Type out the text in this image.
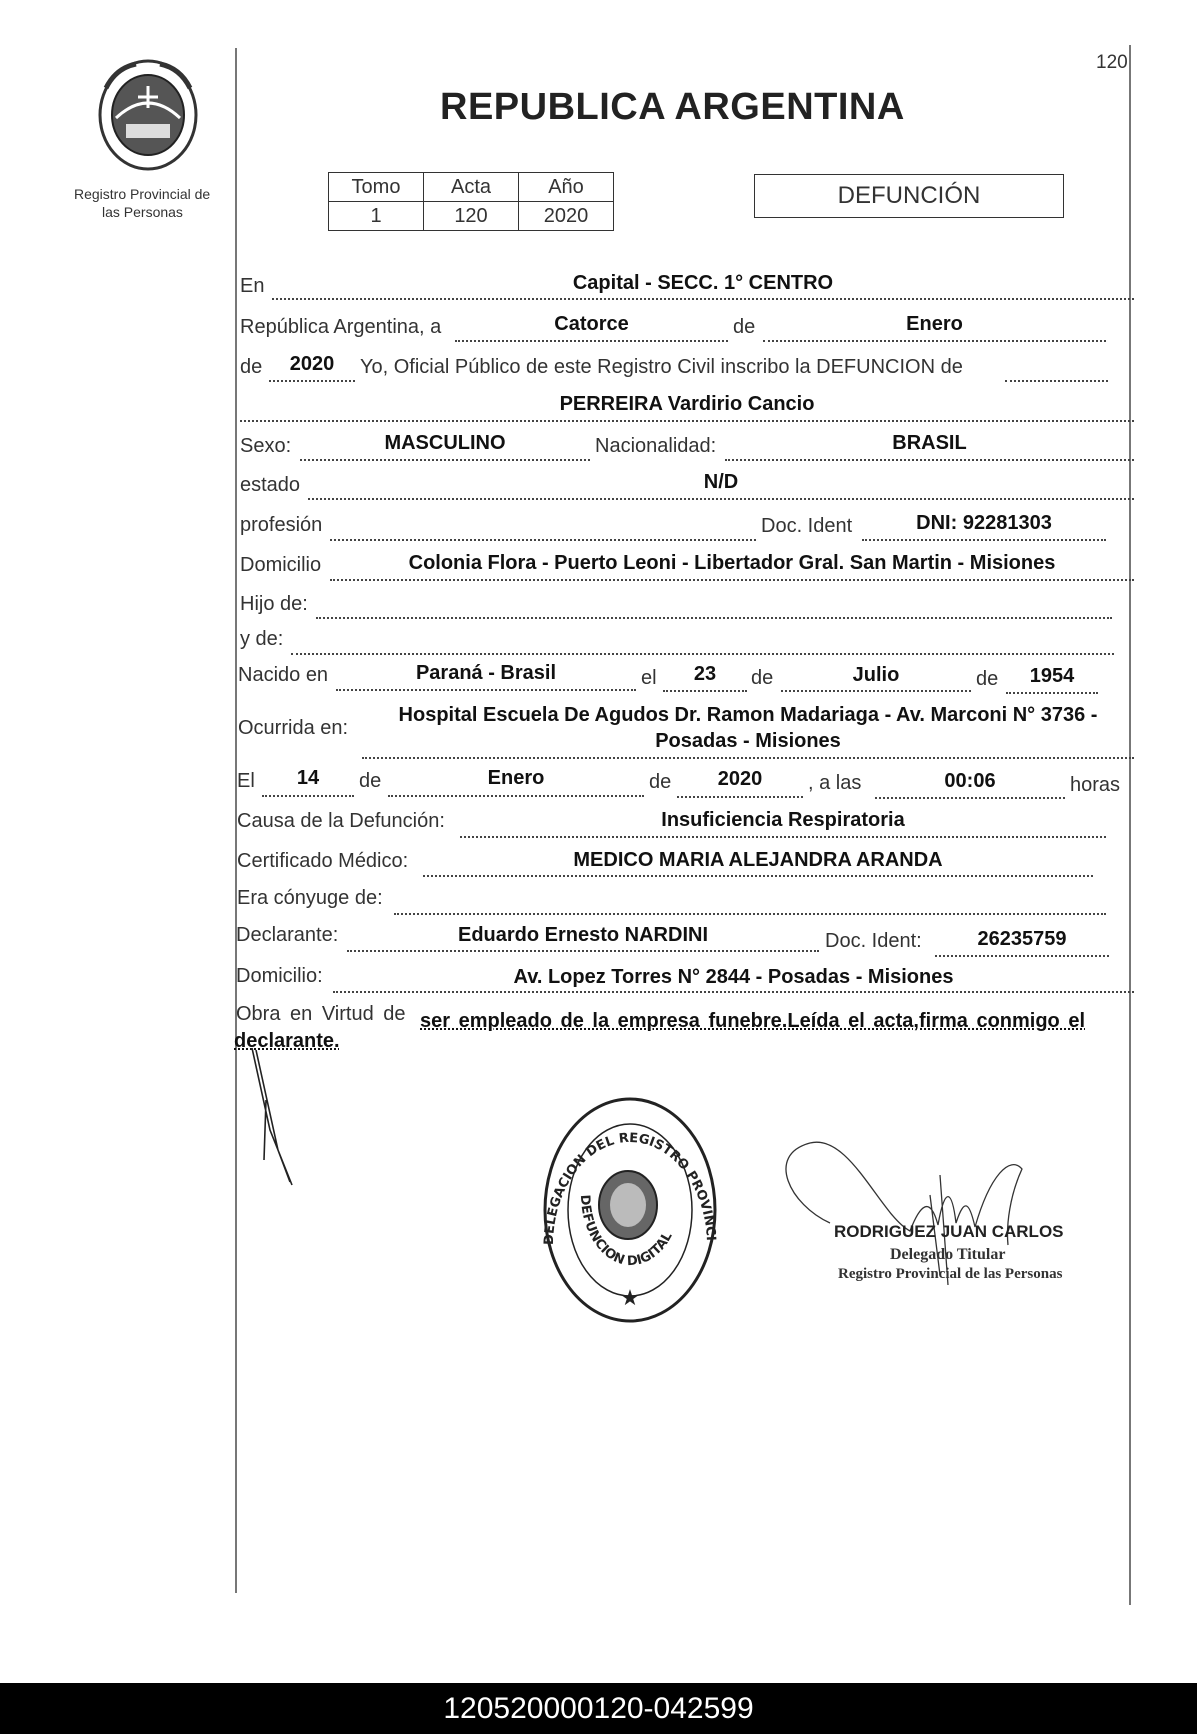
120
Registro Provincial de
las Personas
REPUBLICA ARGENTINA
Tomo	Acta	Año
1	120	2020
DEFUNCIÓN
En	Capital - SECC. 1° CENTRO
República Argentina, a	Catorce	de	Enero
de	2020	Yo, Oficial Público de este Registro Civil inscribo la DEFUNCION de
PERREIRA Vardirio Cancio
Sexo:	MASCULINO	Nacionalidad:	BRASIL
estado	N/D
profesión	Doc. Ident	DNI: 92281303
Domicilio	Colonia Flora - Puerto Leoni - Libertador Gral. San Martin - Misiones
Hijo de:
y de:
Nacido en	Paraná - Brasil	el	23	de	Julio	de	1954
Ocurrida en:
Hospital Escuela De Agudos Dr. Ramon Madariaga - Av. Marconi N° 3736 -
Posadas - Misiones
El	14	de	Enero	de	2020	, a las	00:06	horas
Causa de la Defunción:	Insuficiencia Respiratoria
Certificado Médico:	MEDICO MARIA ALEJANDRA ARANDA
Era cónyuge de:
Declarante:	Eduardo Ernesto NARDINI	Doc. Ident:	26235759
Domicilio:	Av. Lopez Torres N° 2844 - Posadas - Misiones
Obra en Virtud de ser empleado de la empresa funebre.Leída el acta,firma conmigo el
declarante.
★
DELEGACION DEL REGISTRO PROVINCI
DEFUNCION DIGITAL	RODRIGUEZ JUAN CARLOS
Delegado Titular
Registro Provincial de las Personas
120520000120-042599
